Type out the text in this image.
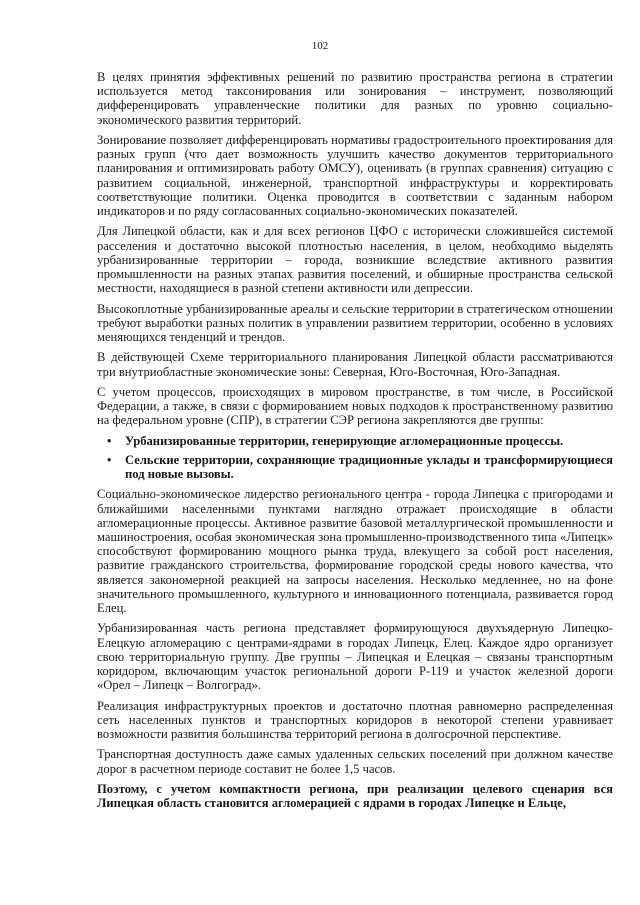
102

В целях принятия эффективных решений по развитию пространства региона в стратегии используется метод таксонирования или зонирования – инструмент, позволяющий дифференцировать управленческие политики для разных по уровню социально-экономического развития территорий.

Зонирование позволяет дифференцировать нормативы градостроительного проектирования для разных групп (что дает возможность улучшить качество документов территориального планирования и оптимизировать работу ОМСУ), оценивать (в группах сравнения) ситуацию с развитием социальной, инженерной, транспортной инфраструктуры и корректировать соответствующие политики. Оценка проводится в соответствии с заданным набором индикаторов и по ряду согласованных социально-экономических показателей.

Для Липецкой области, как и для всех регионов ЦФО с исторически сложившейся системой расселения и достаточно высокой плотностью населения, в целом, необходимо выделять урбанизированные территории – города, возникшие вследствие активного развития промышленности на разных этапах развития поселений, и обширные пространства сельской местности, находящиеся в разной степени активности или депрессии.

Высокоплотные урбанизированные ареалы и сельские территории в стратегическом отношении требуют выработки разных политик в управлении развитием территории, особенно в условиях меняющихся тенденций и трендов.

В действующей Схеме территориального планирования Липецкой области рассматриваются три внутриобластные экономические зоны: Северная, Юго-Восточная, Юго-Западная.

С учетом процессов, происходящих в мировом пространстве, в том числе, в Российской Федерации, а также, в связи с формированием новых подходов к пространственному развитию на федеральном уровне (СПР), в стратегии СЭР региона закрепляются две группы:

• Урбанизированные территории, генерирующие агломерационные процессы.
• Сельские территории, сохраняющие традиционные уклады и трансформирующиеся под новые вызовы.

Социально-экономическое лидерство регионального центра - города Липецка с пригородами и ближайшими населенными пунктами наглядно отражает происходящие в области агломерационные процессы. Активное развитие базовой металлургической промышленности и машиностроения, особая экономическая зона промышленно-производственного типа «Липецк» способствуют формированию мощного рынка труда, влекущего за собой рост населения, развитие гражданского строительства, формирование городской среды нового качества, что является закономерной реакцией на запросы населения. Несколько медленнее, но на фоне значительного промышленного, культурного и инновационного потенциала, развивается город Елец.

Урбанизированная часть региона представляет формирующуюся двухъядерную Липецко-Елецкую агломерацию с центрами-ядрами в городах Липецк, Елец. Каждое ядро организует свою территориальную группу. Две группы – Липецкая и Елецкая – связаны транспортным коридором, включающим участок региональной дороги Р-119 и участок железной дороги «Орел – Липецк – Волгоград».

Реализация инфраструктурных проектов и достаточно плотная равномерно распределенная сеть населенных пунктов и транспортных коридоров в некоторой степени уравнивает возможности развития большинства территорий региона в долгосрочной перспективе.

Транспортная доступность даже самых удаленных сельских поселений при должном качестве дорог в расчетном периоде составит не более 1,5 часов.

Поэтому, с учетом компактности региона, при реализации целевого сценария вся Липецкая область становится агломерацией с ядрами в городах Липецке и Ельце,
